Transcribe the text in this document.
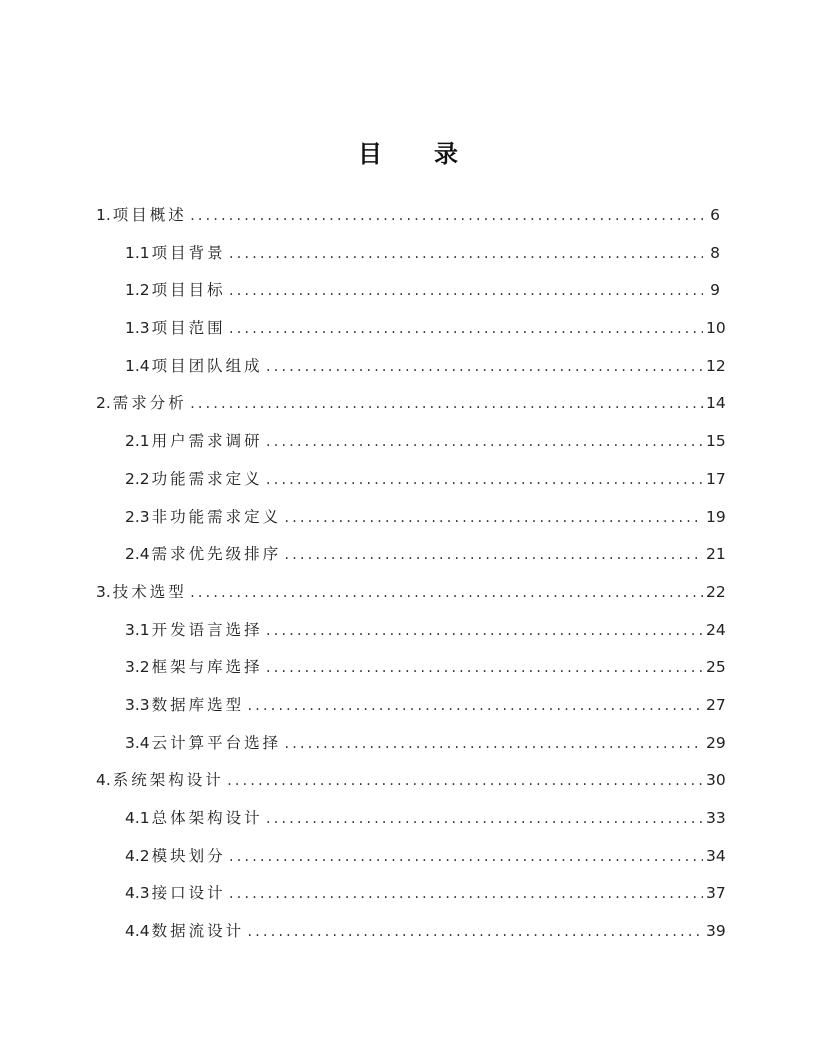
目 录
1. 项目概述 .....	6
1.1 项目背景 .....	8
1.2 项目目标 .....	9
1.3 项目范围 .....	10
1.4 项目团队组成 .....	12
2. 需求分析 .....	14
2.1 用户需求调研 .....	15
2.2 功能需求定义 .....	17
2.3 非功能需求定义 .....	19
2.4 需求优先级排序 .....	21
3. 技术选型 .....	22
3.1 开发语言选择 .....	24
3.2 框架与库选择 .....	25
3.3 数据库选型 .....	27
3.4 云计算平台选择 .....	29
4. 系统架构设计 .....	30
4.1 总体架构设计 .....	33
4.2 模块划分 .....	34
4.3 接口设计 .....	37
4.4 数据流设计 .....	39
